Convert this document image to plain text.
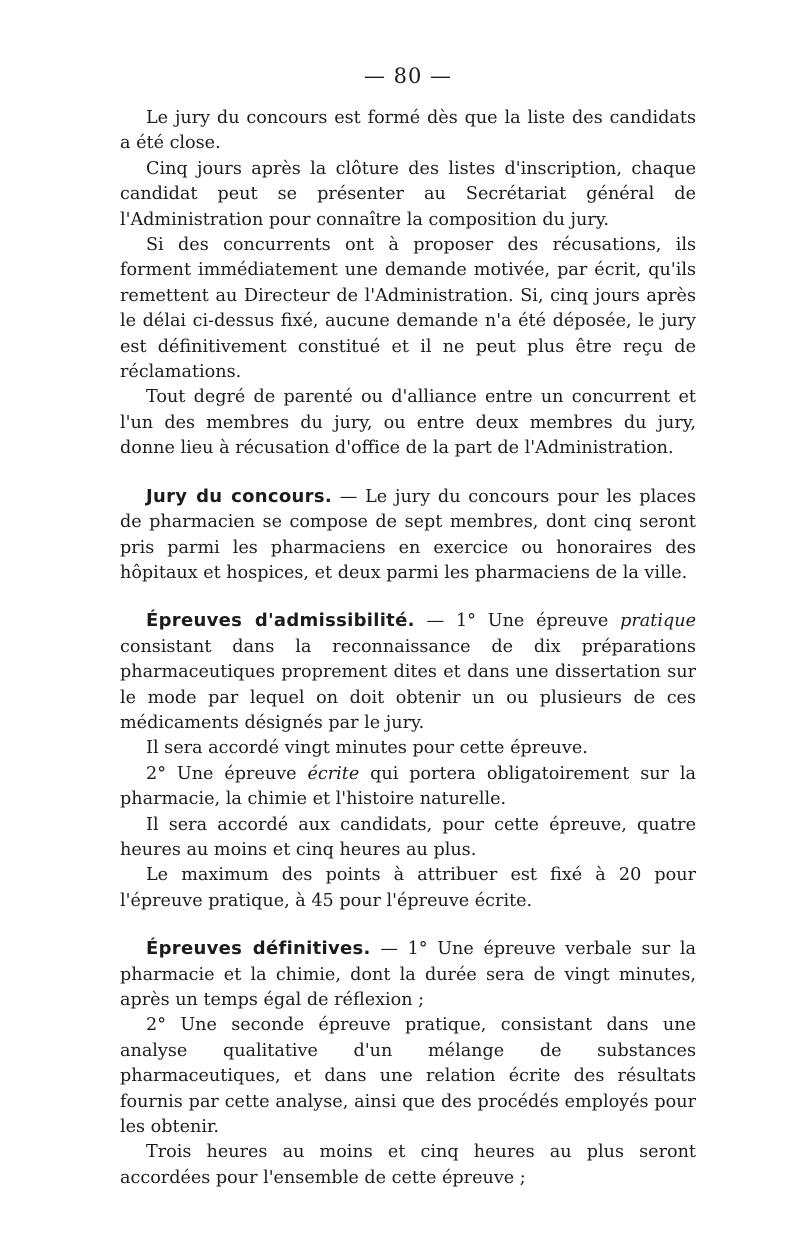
— 80 —

Le jury du concours est formé dès que la liste des candidats a été close.

Cinq jours après la clôture des listes d'inscription, chaque candidat peut se présenter au Secrétariat général de l'Administration pour connaître la composition du jury.

Si des concurrents ont à proposer des récusations, ils forment immédiatement une demande motivée, par écrit, qu'ils remettent au Directeur de l'Administration. Si, cinq jours après le délai ci-dessus fixé, aucune demande n'a été déposée, le jury est définitivement constitué et il ne peut plus être reçu de réclamations.

Tout degré de parenté ou d'alliance entre un concurrent et l'un des membres du jury, ou entre deux membres du jury, donne lieu à récusation d'office de la part de l'Administration.

Jury du concours. — Le jury du concours pour les places de pharmacien se compose de sept membres, dont cinq seront pris parmi les pharmaciens en exercice ou honoraires des hôpitaux et hospices, et deux parmi les pharmaciens de la ville.

Épreuves d'admissibilité. — 1° Une épreuve pratique consistant dans la reconnaissance de dix préparations pharmaceutiques proprement dites et dans une dissertation sur le mode par lequel on doit obtenir un ou plusieurs de ces médicaments désignés par le jury.

Il sera accordé vingt minutes pour cette épreuve.

2° Une épreuve écrite qui portera obligatoirement sur la pharmacie, la chimie et l'histoire naturelle.

Il sera accordé aux candidats, pour cette épreuve, quatre heures au moins et cinq heures au plus.

Le maximum des points à attribuer est fixé à 20 pour l'épreuve pratique, à 45 pour l'épreuve écrite.

Épreuves définitives. — 1° Une épreuve verbale sur la pharmacie et la chimie, dont la durée sera de vingt minutes, après un temps égal de réflexion ;

2° Une seconde épreuve pratique, consistant dans une analyse qualitative d'un mélange de substances pharmaceutiques, et dans une relation écrite des résultats fournis par cette analyse, ainsi que des procédés employés pour les obtenir.

Trois heures au moins et cinq heures au plus seront accordées pour l'ensemble de cette épreuve ;
